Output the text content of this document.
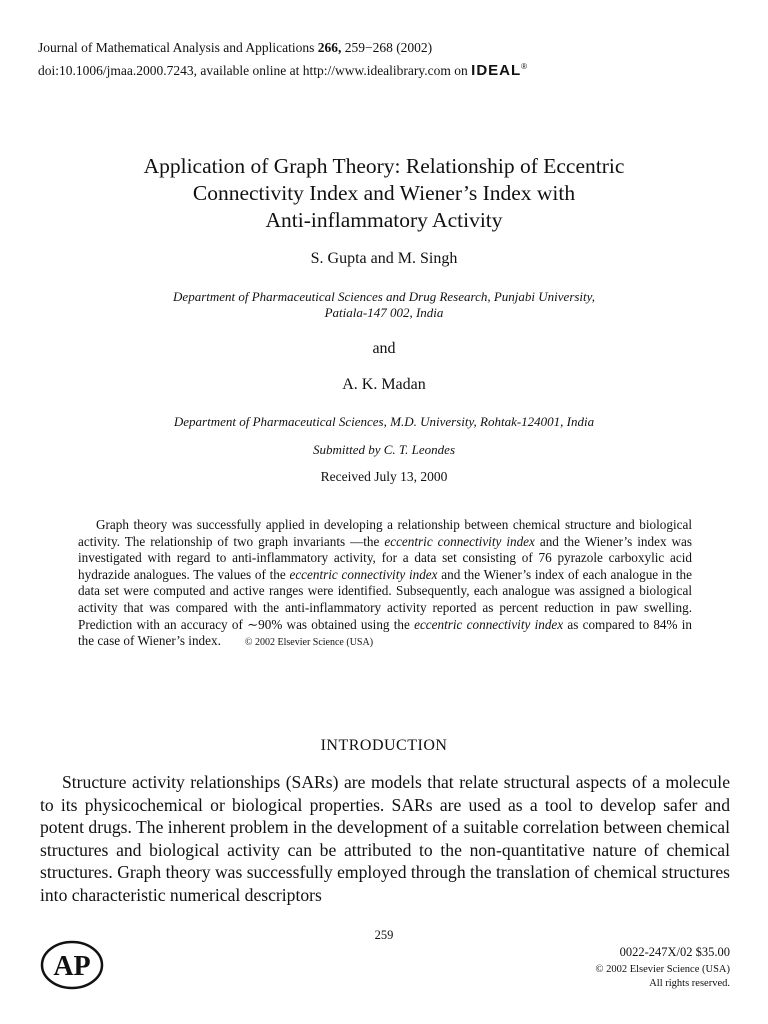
Journal of Mathematical Analysis and Applications 266, 259−268 (2002)
doi:10.1006/jmaa.2000.7243, available online at http://www.idealibrary.com on IDEAL®
Application of Graph Theory: Relationship of Eccentric
Connectivity Index and Wiener’s Index with
Anti-inflammatory Activity
S. Gupta and M. Singh
Department of Pharmaceutical Sciences and Drug Research, Punjabi University,
Patiala-147 002, India
and
A. K. Madan
Department of Pharmaceutical Sciences, M.D. University, Rohtak-124001, India
Submitted by C. T. Leondes
Received July 13, 2000

Graph theory was successfully applied in developing a relationship between chemical structure and biological activity. The relationship of two graph invariants —the eccentric connectivity index and the Wiener’s index was investigated with regard to anti-inflammatory activity, for a data set consisting of 76 pyrazole carboxylic acid hydrazide analogues. The values of the eccentric connectivity index and the Wiener’s index of each analogue in the data set were computed and active ranges were identified. Subsequently, each analogue was assigned a biological activity that was compared with the anti-inflammatory activity reported as percent reduction in paw swelling. Prediction with an accuracy of ∼90% was obtained using the eccentric connectivity index as compared to 84% in the case of Wiener’s index. © 2002 Elsevier Science (USA)

INTRODUCTION

Structure activity relationships (SARs) are models that relate structural aspects of a molecule to its physicochemical or biological properties. SARs are used as a tool to develop safer and potent drugs. The inherent problem in the development of a suitable correlation between chemical structures and biological activity can be attributed to the non-quantitative nature of chemical structures. Graph theory was successfully employed through the translation of chemical structures into characteristic numerical descriptors

259
0022-247X/02 $35.00
© 2002 Elsevier Science (USA)
All rights reserved.
AP
